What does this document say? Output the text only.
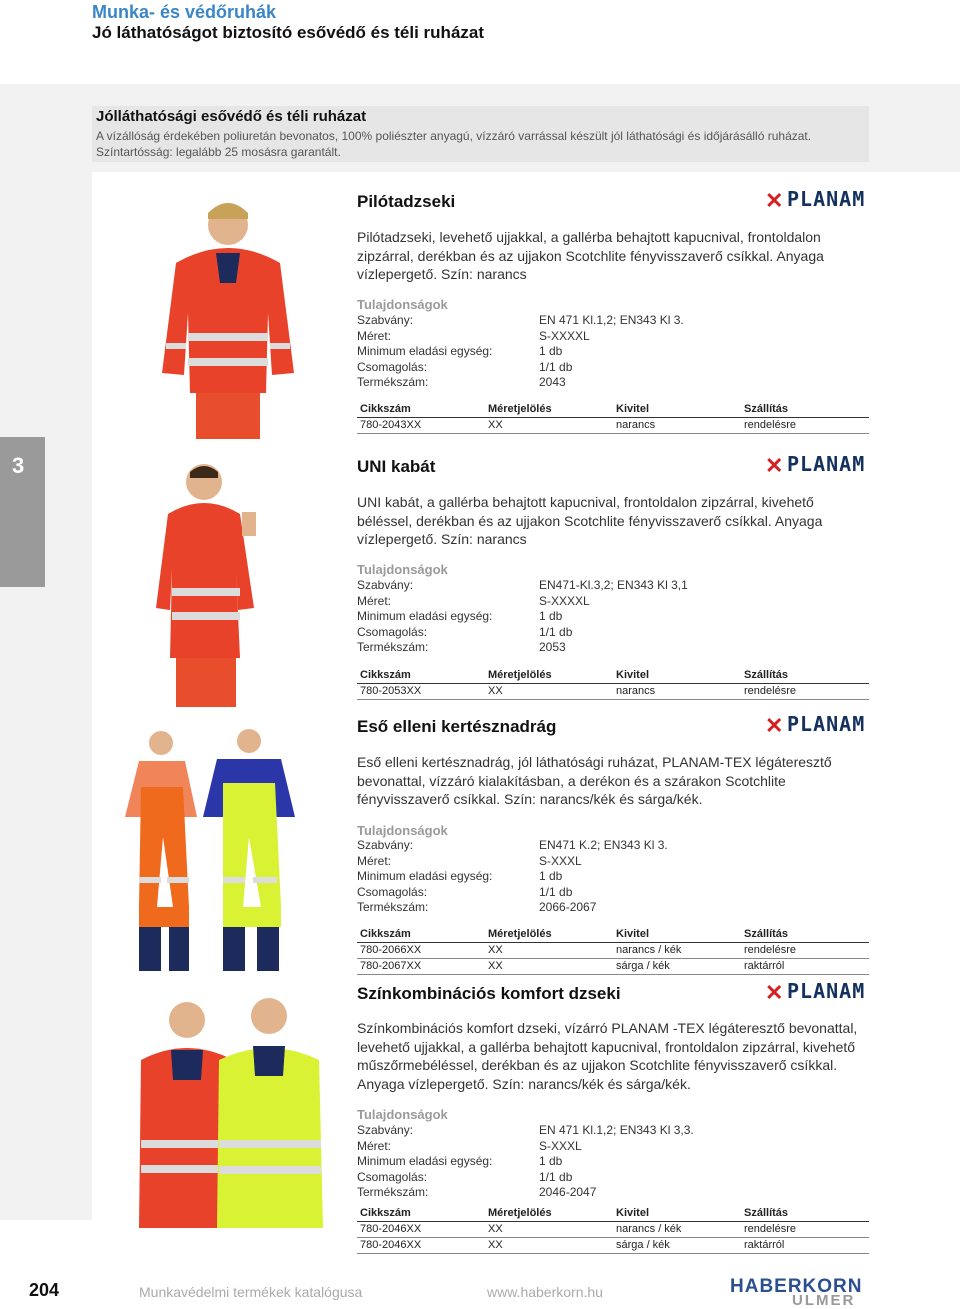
Munka- és védőruhák
Jó láthatóságot biztosító esővédő és téli ruházat
Jólláthatósági esővédő és téli ruházat
A vízállóság érdekében poliuretán bevonatos, 100% poliészter anyagú, vízzáró varrással készült jól láthatósági és időjárásálló ruházat. Színtartósság: legalább 25 mosásra garantált.
3
Pilótadzseki	✕ PLANAM
Pilótadzseki, levehető ujjakkal, a gallérba behajtott kapucnival, frontoldalon zipzárral, derékban és az ujjakon Scotchlite fényvisszaverő csíkkal. Anyaga vízlepergető. Szín: narancs
Tulajdonságok
Szabvány:	EN 471 Kl.1,2; EN343 Kl 3.
Méret:	S-XXXXL
Minimum eladási egység:	1 db
Csomagolás:	1/1 db
Termékszám:	2043
Cikkszám	Méretjelölés	Kivitel	Szállítás
780-2043XX	XX	narancs	rendelésre
UNI kabát	✕ PLANAM
UNI kabát, a gallérba behajtott kapucnival, frontoldalon zipzárral, kivehető béléssel, derékban és az ujjakon Scotchlite fényvisszaverő csíkkal. Anyaga vízlepergető. Szín: narancs
Tulajdonságok
Szabvány:	EN471-Kl.3,2; EN343 Kl 3,1
Méret:	S-XXXXL
Minimum eladási egység:	1 db
Csomagolás:	1/1 db
Termékszám:	2053
Cikkszám	Méretjelölés	Kivitel	Szállítás
780-2053XX	XX	narancs	rendelésre
Eső elleni kertésznadrág	✕ PLANAM
Eső elleni kertésznadrág, jól láthatósági ruházat, PLANAM-TEX légáteresztő bevonattal, vízzáró kialakításban, a derékon és a szárakon Scotchlite fényvisszaverő csíkkal. Szín: narancs/kék és sárga/kék.
Tulajdonságok
Szabvány:	EN471 K.2; EN343 Kl 3.
Méret:	S-XXXL
Minimum eladási egység:	1 db
Csomagolás:	1/1 db
Termékszám:	2066-2067
Cikkszám	Méretjelölés	Kivitel	Szállítás
780-2066XX	XX	narancs / kék	rendelésre
780-2067XX	XX	sárga / kék	raktárról
Színkombinációs komfort dzseki	✕ PLANAM
Színkombinációs komfort dzseki, vízárró PLANAM -TEX légáteresztő bevonattal, levehető ujjakkal, a gallérba behajtott kapucnival, frontoldalon zipzárral, kivehető műszőrmebéléssel, derékban és az ujjakon Scotchlite fényvisszaverő csíkkal. Anyaga vízlepergető. Szín: narancs/kék és sárga/kék.
Tulajdonságok
Szabvány:	EN 471 Kl.1,2; EN343 Kl 3,3.
Méret:	S-XXXL
Minimum eladási egység:	1 db
Csomagolás:	1/1 db
Termékszám:	2046-2047
Cikkszám	Méretjelölés	Kivitel	Szállítás
780-2046XX	XX	narancs / kék	rendelésre
780-2046XX	XX	sárga / kék	raktárról
204	Munkavédelmi termékek katalógusa	www.haberkorn.hu	HABERKORN
ULMER
